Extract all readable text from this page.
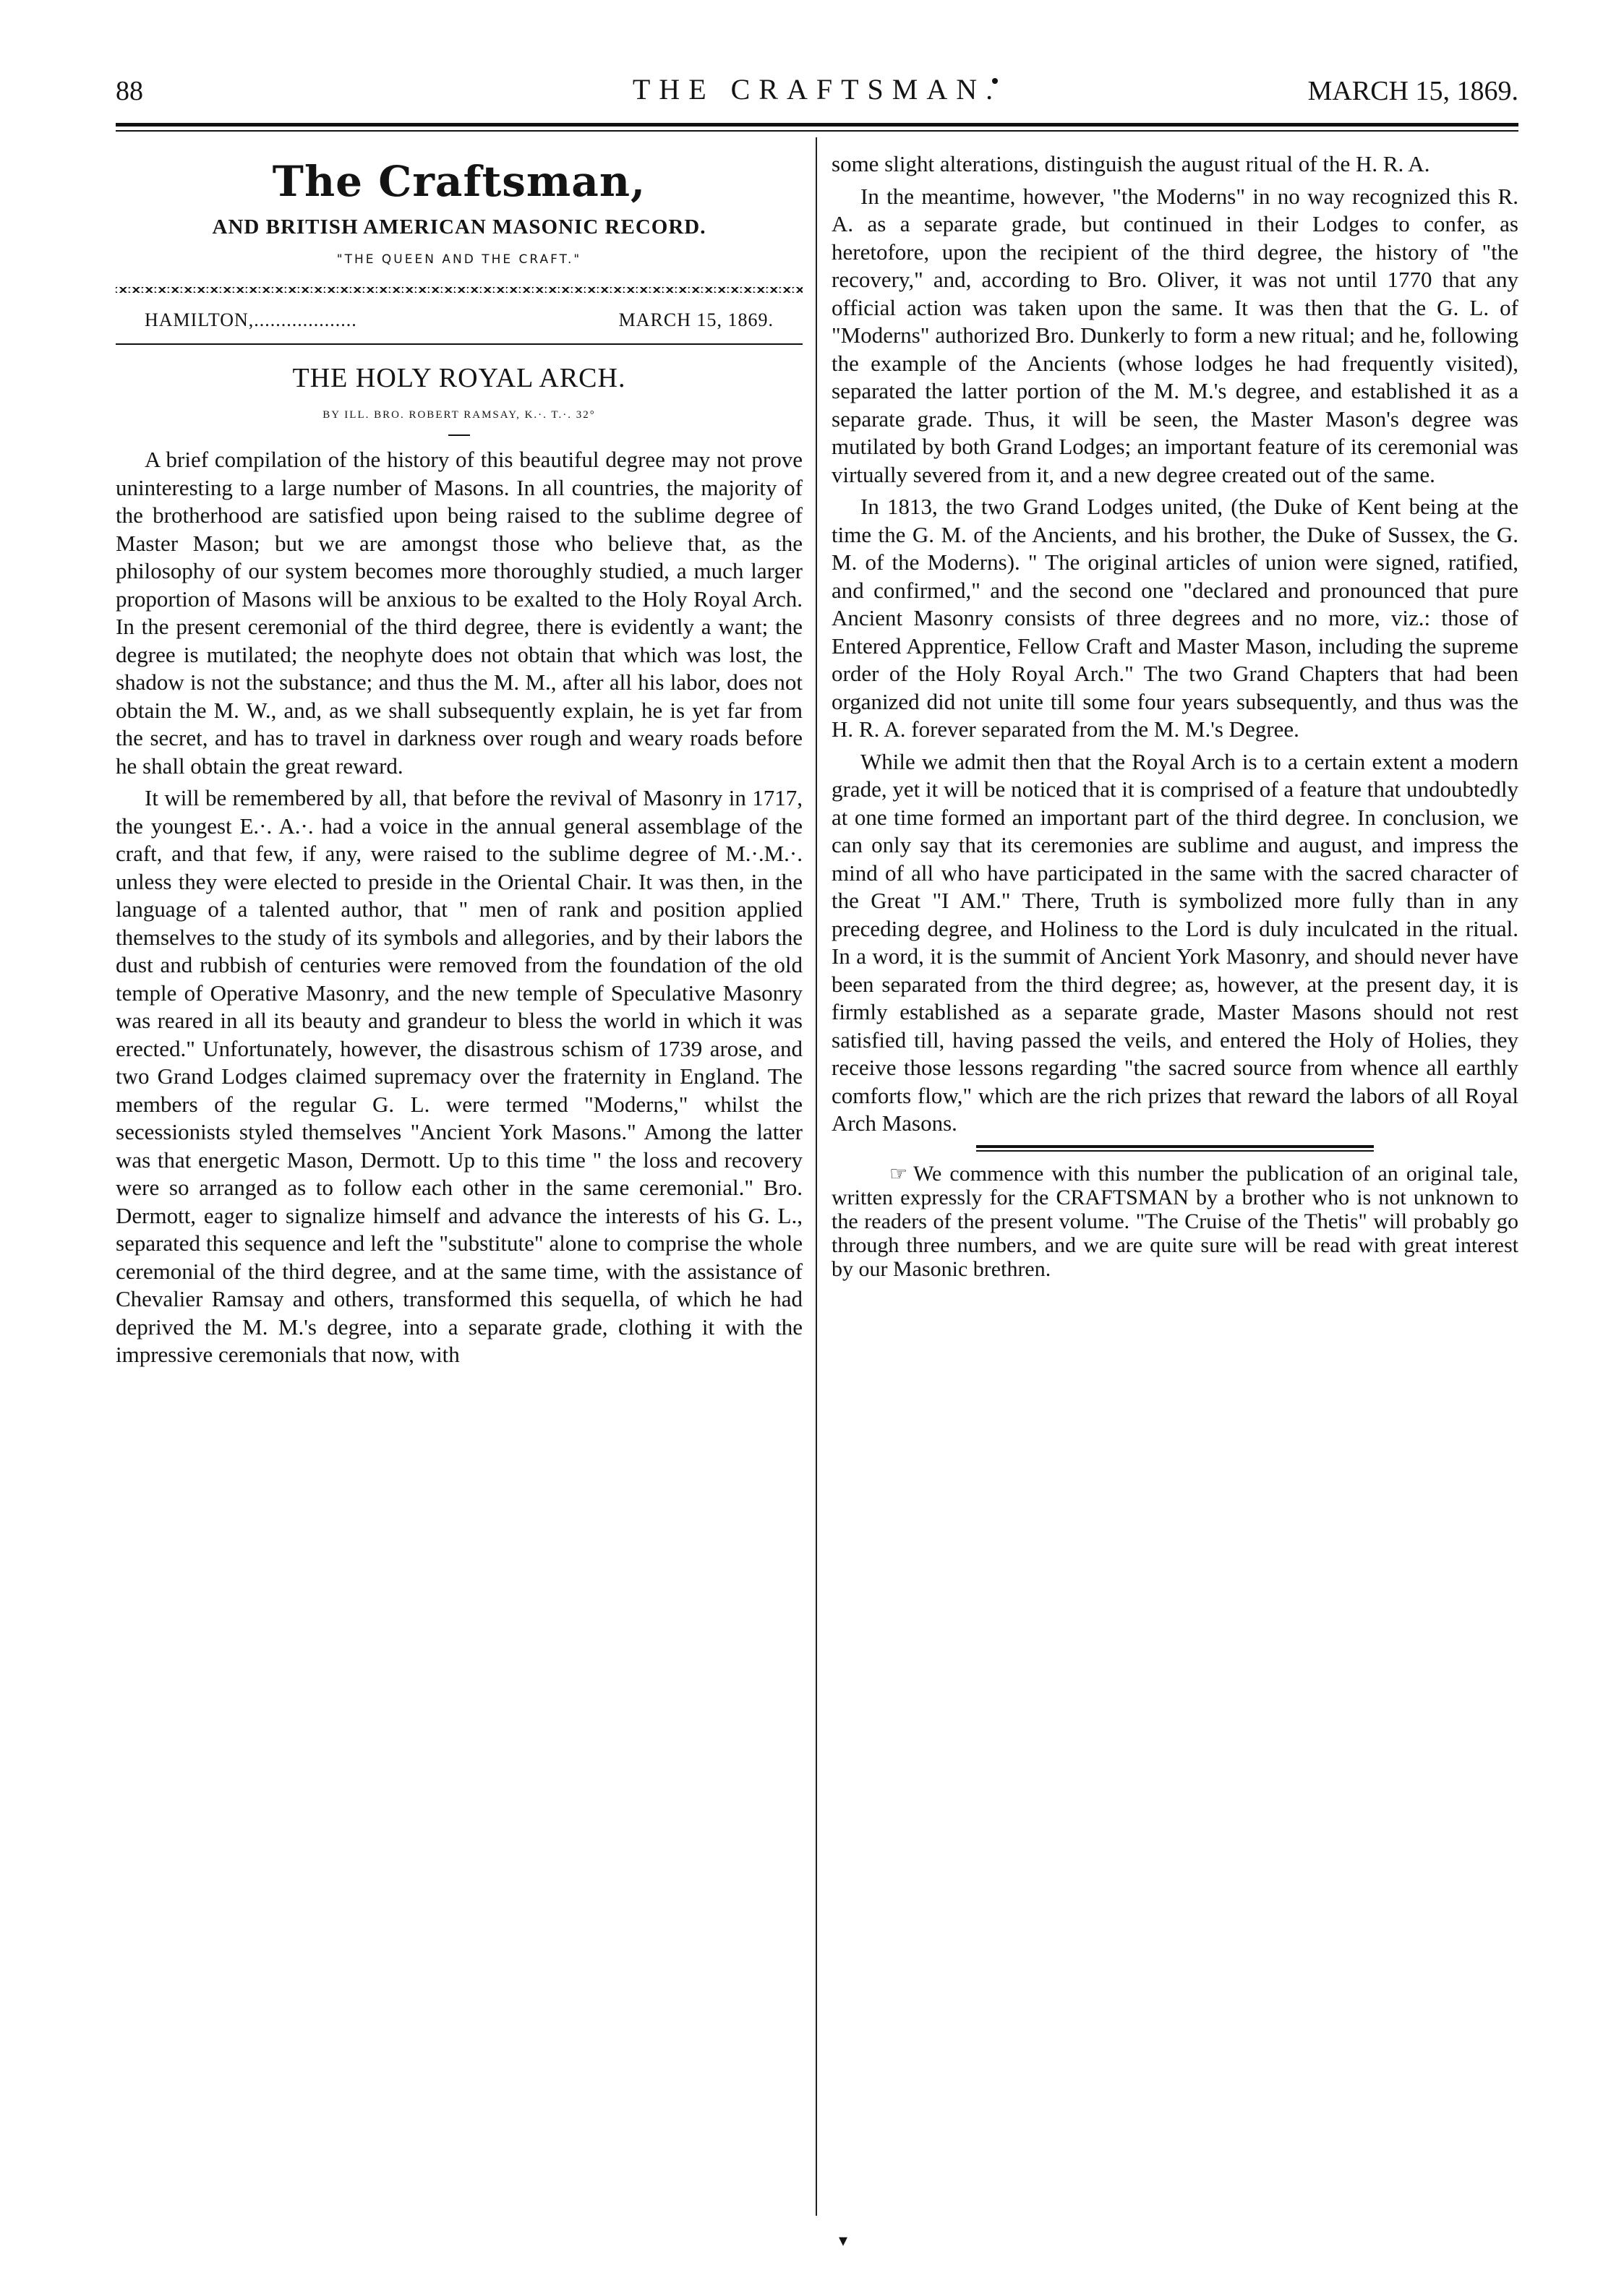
88	THE CRAFTSMAN.	MARCH 15, 1869.
The Craftsman,
AND BRITISH AMERICAN MASONIC RECORD.
"THE QUEEN AND THE CRAFT."
HAMILTON,...................	MARCH 15, 1869.
THE HOLY ROYAL ARCH.
BY ILL. BRO. ROBERT RAMSAY, K.·. T.·. 32°

A brief compilation of the history of this beautiful degree may not prove uninteresting to a large number of Masons. In all countries, the majority of the brotherhood are satisfied upon being raised to the sublime degree of Master Mason; but we are amongst those who believe that, as the philosophy of our system becomes more thoroughly studied, a much larger proportion of Masons will be anxious to be exalted to the Holy Royal Arch. In the present ceremonial of the third degree, there is evidently a want; the degree is mutilated; the neophyte does not obtain that which was lost, the shadow is not the substance; and thus the M. M., after all his labor, does not obtain the M. W., and, as we shall subsequently explain, he is yet far from the secret, and has to travel in darkness over rough and weary roads before he shall obtain the great reward.

It will be remembered by all, that before the revival of Masonry in 1717, the youngest E.·. A.·. had a voice in the annual general assemblage of the craft, and that few, if any, were raised to the sublime degree of M.·.M.·. unless they were elected to preside in the Oriental Chair. It was then, in the language of a talented author, that " men of rank and position applied themselves to the study of its symbols and allegories, and by their labors the dust and rubbish of centuries were removed from the foundation of the old temple of Operative Masonry, and the new temple of Speculative Masonry was reared in all its beauty and grandeur to bless the world in which it was erected." Unfortunately, however, the disastrous schism of 1739 arose, and two Grand Lodges claimed supremacy over the fraternity in England. The members of the regular G. L. were termed "Moderns," whilst the secessionists styled themselves "Ancient York Masons." Among the latter was that energetic Mason, Dermott. Up to this time " the loss and recovery were so arranged as to follow each other in the same ceremonial." Bro. Dermott, eager to signalize himself and advance the interests of his G. L., separated this sequence and left the "substitute" alone to comprise the whole ceremonial of the third degree, and at the same time, with the assistance of Chevalier Ramsay and others, transformed this sequella, of which he had deprived the M. M.'s degree, into a separate grade, clothing it with the impressive ceremonials that now, with

some slight alterations, distinguish the august ritual of the H. R. A.

In the meantime, however, "the Moderns" in no way recognized this R. A. as a separate grade, but continued in their Lodges to confer, as heretofore, upon the recipient of the third degree, the history of "the recovery," and, according to Bro. Oliver, it was not until 1770 that any official action was taken upon the same. It was then that the G. L. of "Moderns" authorized Bro. Dunkerly to form a new ritual; and he, following the example of the Ancients (whose lodges he had frequently visited), separated the latter portion of the M. M.'s degree, and established it as a separate grade. Thus, it will be seen, the Master Mason's degree was mutilated by both Grand Lodges; an important feature of its ceremonial was virtually severed from it, and a new degree created out of the same.

In 1813, the two Grand Lodges united, (the Duke of Kent being at the time the G. M. of the Ancients, and his brother, the Duke of Sussex, the G. M. of the Moderns). " The original articles of union were signed, ratified, and confirmed," and the second one "declared and pronounced that pure Ancient Masonry consists of three degrees and no more, viz.: those of Entered Apprentice, Fellow Craft and Master Mason, including the supreme order of the Holy Royal Arch." The two Grand Chapters that had been organized did not unite till some four years subsequently, and thus was the H. R. A. forever separated from the M. M.'s Degree.

While we admit then that the Royal Arch is to a certain extent a modern grade, yet it will be noticed that it is comprised of a feature that undoubtedly at one time formed an important part of the third degree. In conclusion, we can only say that its ceremonies are sublime and august, and impress the mind of all who have participated in the same with the sacred character of the Great "I AM." There, Truth is symbolized more fully than in any preceding degree, and Holiness to the Lord is duly inculcated in the ritual. In a word, it is the summit of Ancient York Masonry, and should never have been separated from the third degree; as, however, at the present day, it is firmly established as a separate grade, Master Masons should not rest satisfied till, having passed the veils, and entered the Holy of Holies, they receive those lessons regarding "the sacred source from whence all earthly comforts flow," which are the rich prizes that reward the labors of all Royal Arch Masons.

☞ We commence with this number the publication of an original tale, written expressly for the CRAFTSMAN by a brother who is not unknown to the readers of the present volume. "The Cruise of the Thetis" will probably go through three numbers, and we are quite sure will be read with great interest by our Masonic brethren.

▾
